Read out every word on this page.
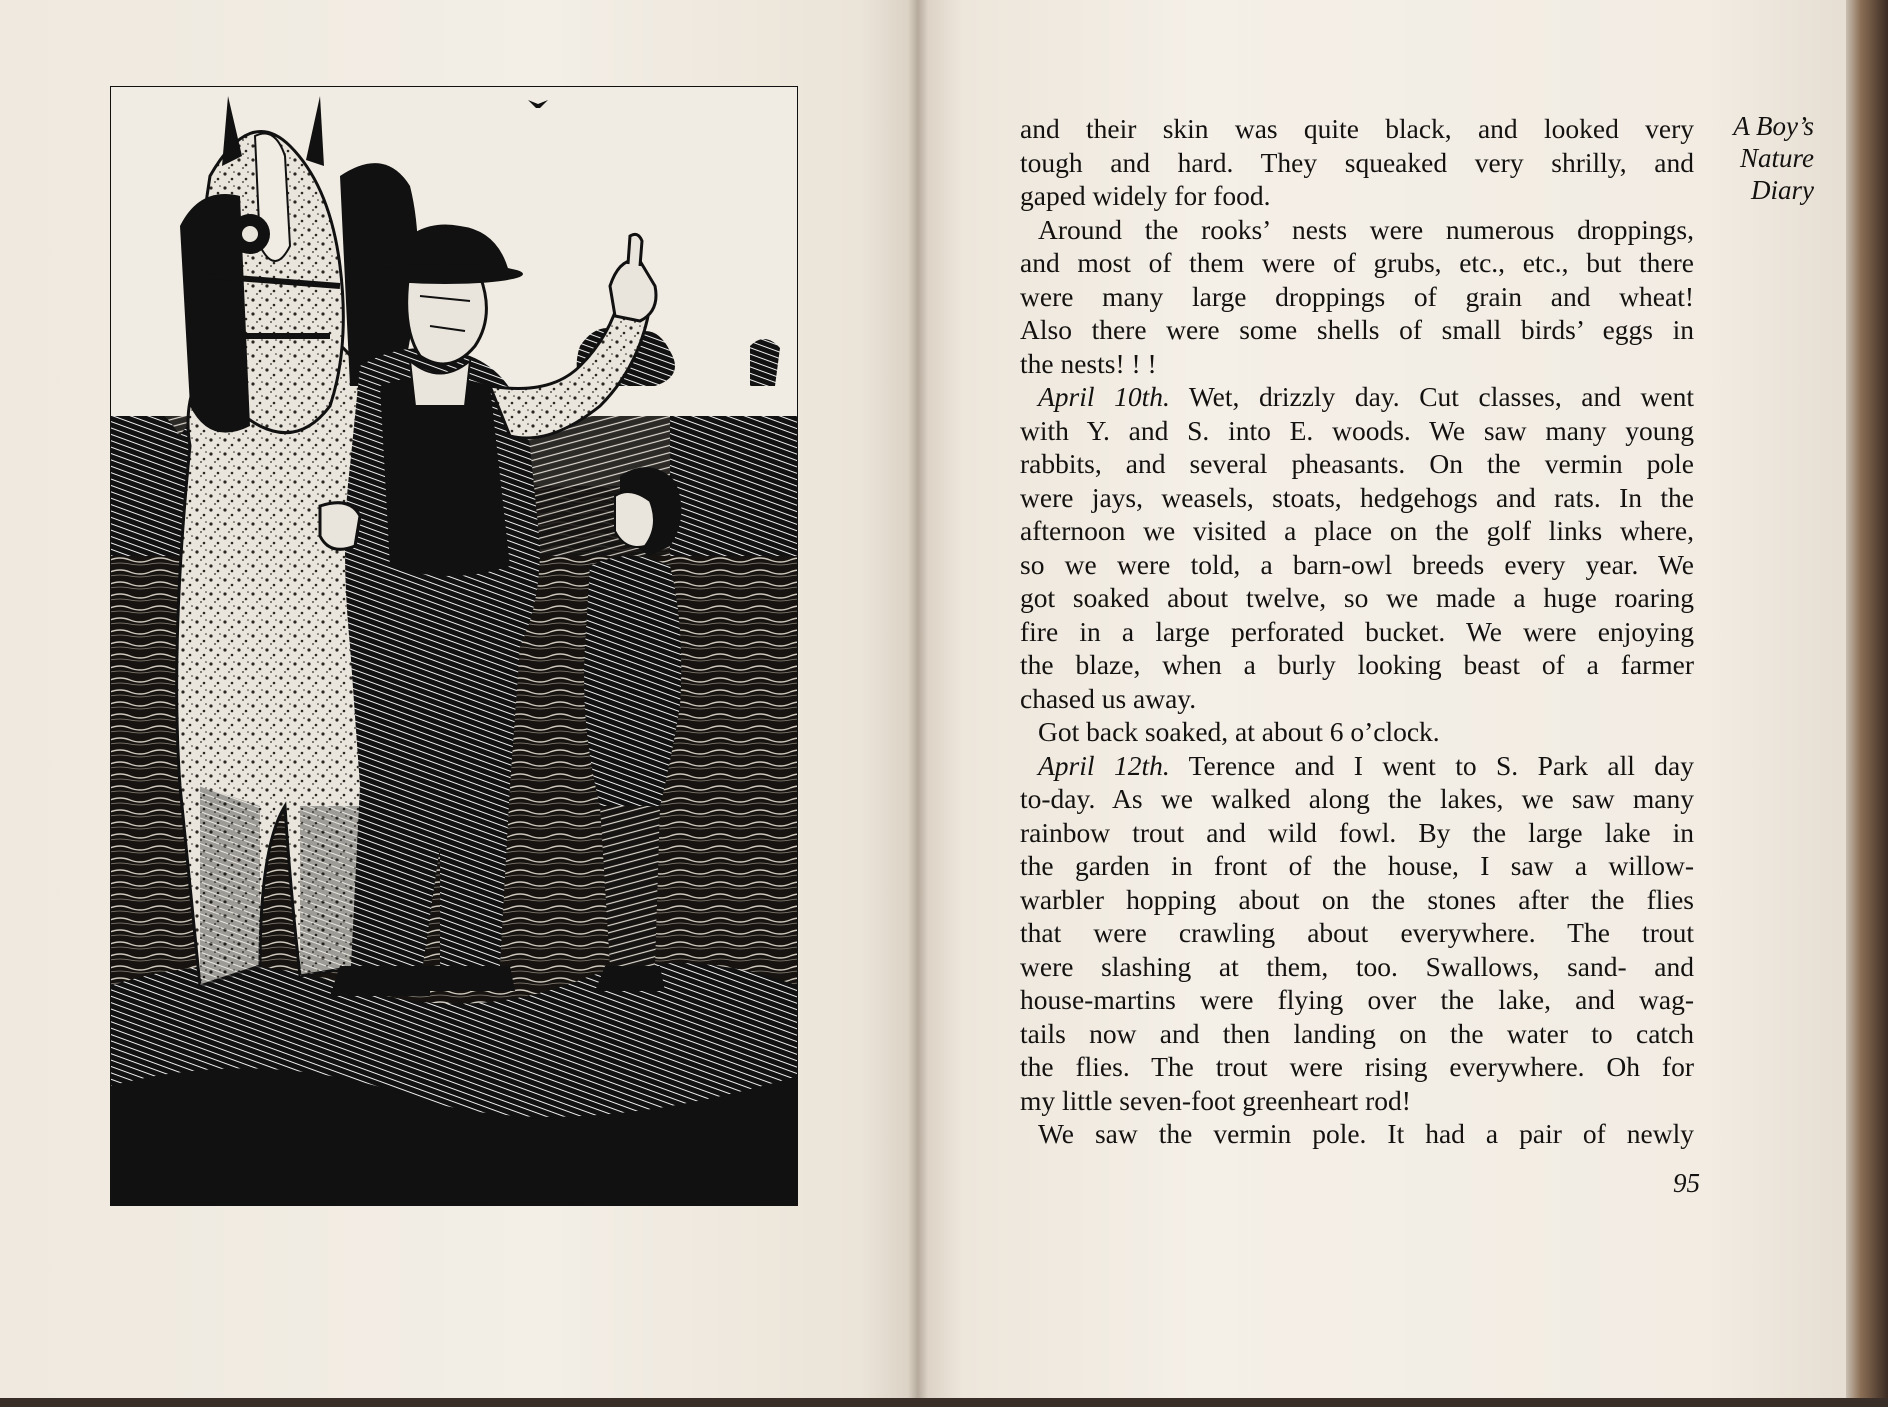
A Boy’s
Nature
Diary
and their skin was quite black, and looked very
tough and hard. They squeaked very shrilly, and
gaped widely for food.
Around the rooks’ nests were numerous droppings,
and most of them were of grubs, etc., etc., but there
were many large droppings of grain and wheat!
Also there were some shells of small birds’ eggs in
the nests! ! !
April 10th. Wet, drizzly day. Cut classes, and went
with Y. and S. into E. woods. We saw many young
rabbits, and several pheasants. On the vermin pole
were jays, weasels, stoats, hedgehogs and rats. In the
afternoon we visited a place on the golf links where,
so we were told, a barn-owl breeds every year. We
got soaked about twelve, so we made a huge roaring
fire in a large perforated bucket. We were enjoying
the blaze, when a burly looking beast of a farmer
chased us away.
Got back soaked, at about 6 o’clock.
April 12th. Terence and I went to S. Park all day
to-day. As we walked along the lakes, we saw many
rainbow trout and wild fowl. By the large lake in
the garden in front of the house, I saw a willow-
warbler hopping about on the stones after the flies
that were crawling about everywhere. The trout
were slashing at them, too. Swallows, sand- and
house-martins were flying over the lake, and wag-
tails now and then landing on the water to catch
the flies. The trout were rising everywhere. Oh for
my little seven-foot greenheart rod!
We saw the vermin pole. It had a pair of newly
95
